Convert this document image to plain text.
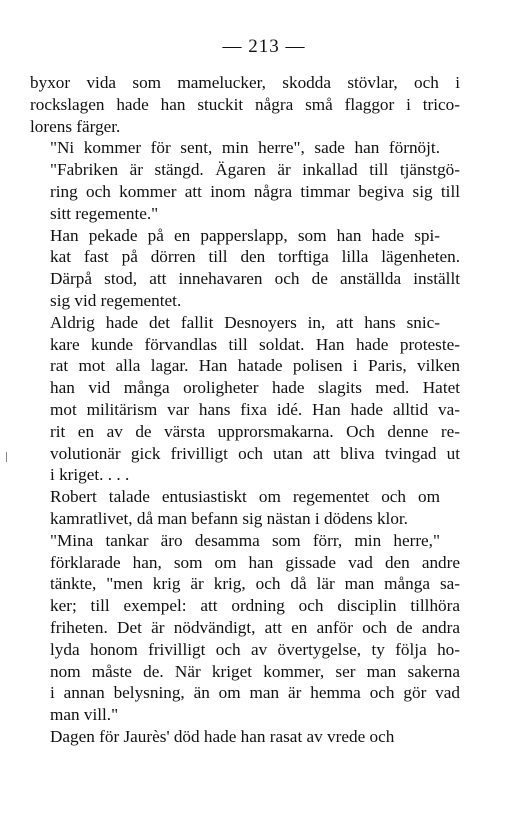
— 213 —
byxor vida som mamelucker, skodda stövlar, och i
rockslagen hade han stuckit några små flaggor i trico-
lorens färger.
"Ni kommer för sent, min herre", sade han förnöjt.
"Fabriken är stängd. Ägaren är inkallad till tjänstgö-
ring och kommer att inom några timmar begiva sig till
sitt regemente."
Han pekade på en papperslapp, som han hade spi-
kat fast på dörren till den torftiga lilla lägenheten.
Därpå stod, att innehavaren och de anställda inställt
sig vid regementet.
Aldrig hade det fallit Desnoyers in, att hans snic-
kare kunde förvandlas till soldat. Han hade proteste-
rat mot alla lagar. Han hatade polisen i Paris, vilken
han vid många oroligheter hade slagits med. Hatet
mot militärism var hans fixa idé. Han hade alltid va-
rit en av de värsta upprorsmakarna. Och denne re-
volutionär gick frivilligt och utan att bliva tvingad ut
i kriget. . . .
Robert talade entusiastiskt om regementet och om
kamratlivet, då man befann sig nästan i dödens klor.
"Mina tankar äro desamma som förr, min herre,"
förklarade han, som om han gissade vad den andre
tänkte, "men krig är krig, och då lär man många sa-
ker; till exempel: att ordning och disciplin tillhöra
friheten. Det är nödvändigt, att en anför och de andra
lyda honom frivilligt och av övertygelse, ty följa ho-
nom måste de. När kriget kommer, ser man sakerna
i annan belysning, än om man är hemma och gör vad
man vill."
Dagen för Jaurès' död hade han rasat av vrede och
